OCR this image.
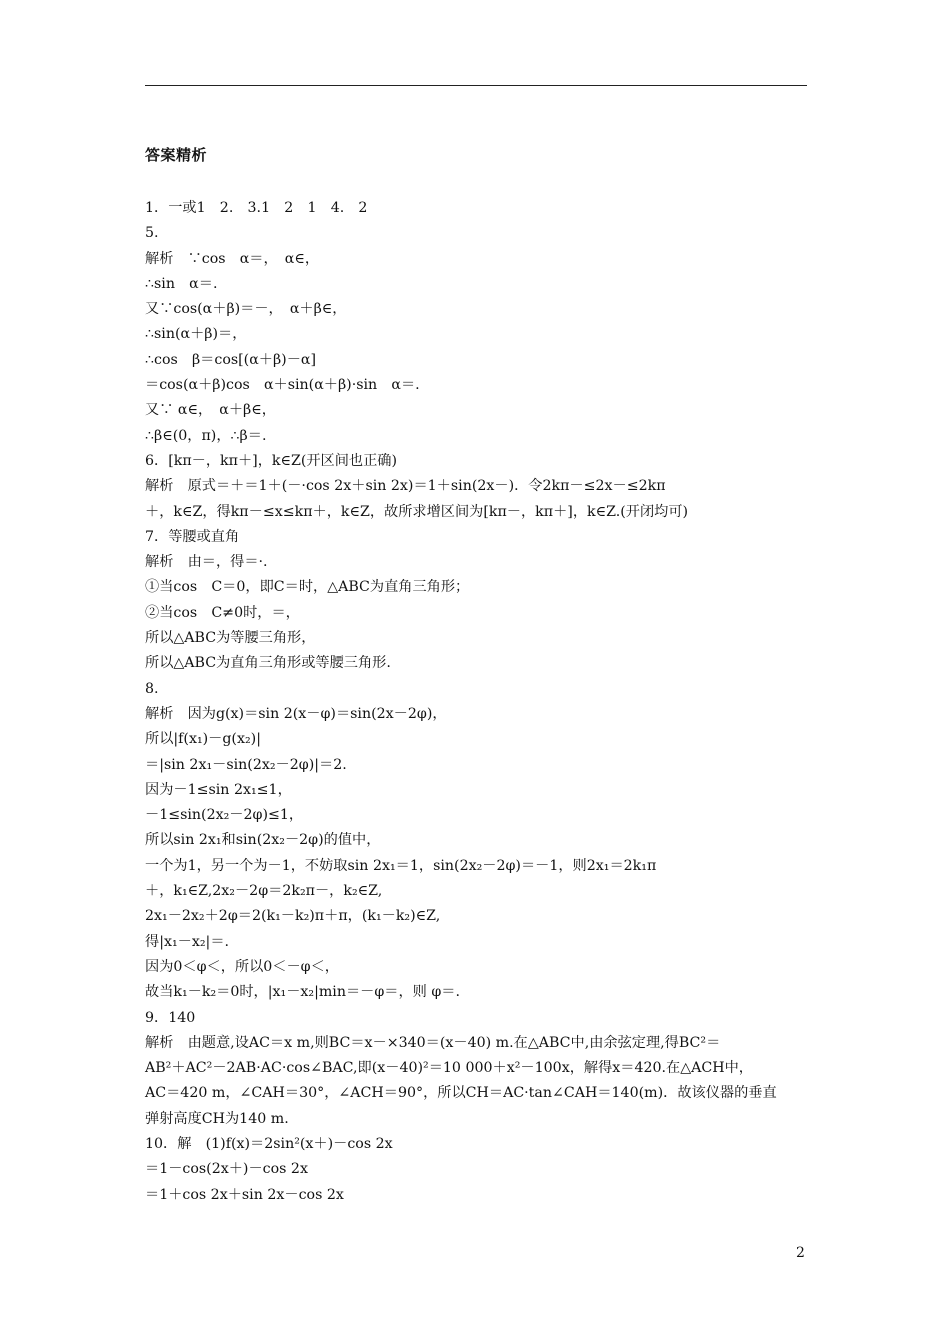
答案精析
1．一或1　2.　3.1　2　1　4.　2
5.
解析　∵cos　α＝，　α∈，
∴sin　α＝.
又∵cos(α＋β)＝－，　α＋β∈，
∴sin(α＋β)＝，
∴cos　β＝cos[(α＋β)－α]
＝cos(α＋β)cos　α＋sin(α＋β)·sin　α＝.
又∵ α∈，　α＋β∈，
∴β∈(0，π)，∴β＝.
6．[kπ－，kπ＋]，k∈Z(开区间也正确)
解析　原式＝＋＝1＋(－·cos 2x＋sin 2x)＝1＋sin(2x－)．令2kπ－≤2x－≤2kπ
＋，k∈Z，得kπ－≤x≤kπ＋，k∈Z，故所求增区间为[kπ－，kπ＋]，k∈Z.(开闭均可)
7．等腰或直角
解析　由＝，得＝·.
①当cos　C＝0，即C＝时，△ABC为直角三角形；
②当cos　C≠0时，＝，
所以△ABC为等腰三角形，
所以△ABC为直角三角形或等腰三角形.
8.
解析　因为g(x)＝sin 2(x－φ)＝sin(2x－2φ)，
所以|f(x₁)－g(x₂)|
＝|sin 2x₁－sin(2x₂－2φ)|＝2.
因为－1≤sin 2x₁≤1，
－1≤sin(2x₂－2φ)≤1，
所以sin 2x₁和sin(2x₂－2φ)的值中，
一个为1，另一个为－1，不妨取sin 2x₁＝1，sin(2x₂－2φ)＝－1，则2x₁＝2k₁π
＋，k₁∈Z,2x₂－2φ＝2k₂π－，k₂∈Z,
2x₁－2x₂＋2φ＝2(k₁－k₂)π＋π，(k₁－k₂)∈Z,
得|x₁－x₂|＝.
因为0＜φ＜，所以0＜－φ＜，
故当k₁－k₂＝0时，|x₁－x₂|min＝－φ＝，则 φ＝.
9．140
解析　由题意,设AC＝x m,则BC＝x－×340＝(x－40) m.在△ABC中,由余弦定理,得BC²＝
AB²＋AC²－2AB·AC·cos∠BAC,即(x－40)²＝10 000＋x²－100x，解得x＝420.在△ACH中，
AC＝420 m，∠CAH＝30°，∠ACH＝90°，所以CH＝AC·tan∠CAH＝140(m)．故该仪器的垂直
弹射高度CH为140 m.
10．解　(1)f(x)＝2sin²(x＋)－cos 2x
＝1－cos(2x＋)－cos 2x
＝1＋cos 2x＋sin 2x－cos 2x
2
